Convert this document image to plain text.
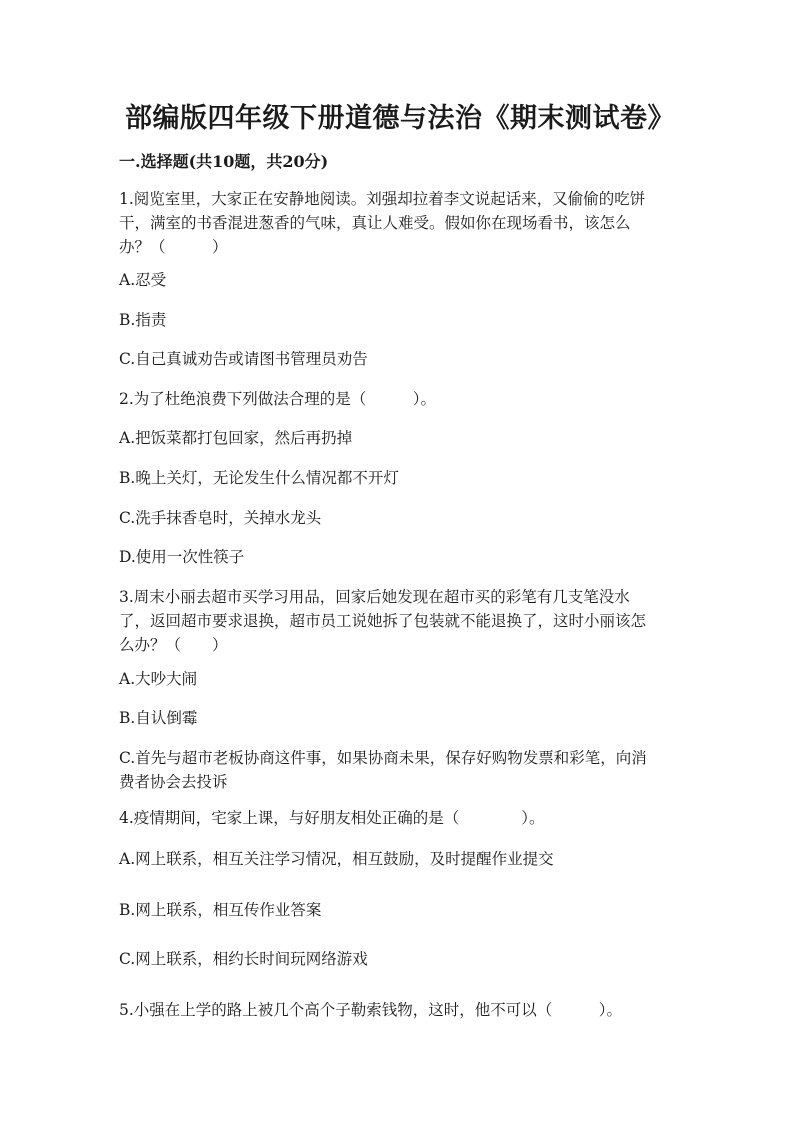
部编版四年级下册道德与法治《期末测试卷》
一.选择题(共10题，共20分)
1.阅览室里，大家正在安静地阅读。刘强却拉着李文说起话来，又偷偷的吃饼
干，满室的书香混进葱香的气味，真让人难受。假如你在现场看书，该怎么
办？（　　　）
A.忍受
B.指责
C.自己真诚劝告或请图书管理员劝告
2.为了杜绝浪费下列做法合理的是（　　　）。
A.把饭菜都打包回家，然后再扔掉
B.晚上关灯，无论发生什么情况都不开灯
C.洗手抹香皂时，关掉水龙头
D.使用一次性筷子
3.周末小丽去超市买学习用品，回家后她发现在超市买的彩笔有几支笔没水
了，返回超市要求退换，超市员工说她拆了包装就不能退换了，这时小丽该怎
么办？（　　）
A.大吵大闹
B.自认倒霉
C.首先与超市老板协商这件事，如果协商未果，保存好购物发票和彩笔，向消
费者协会去投诉
4.疫情期间，宅家上课，与好朋友相处正确的是（　　　　）。
A.网上联系，相互关注学习情况，相互鼓励，及时提醒作业提交
B.网上联系，相互传作业答案
C.网上联系，相约长时间玩网络游戏
5.小强在上学的路上被几个高个子勒索钱物，这时，他不可以（　　　）。
